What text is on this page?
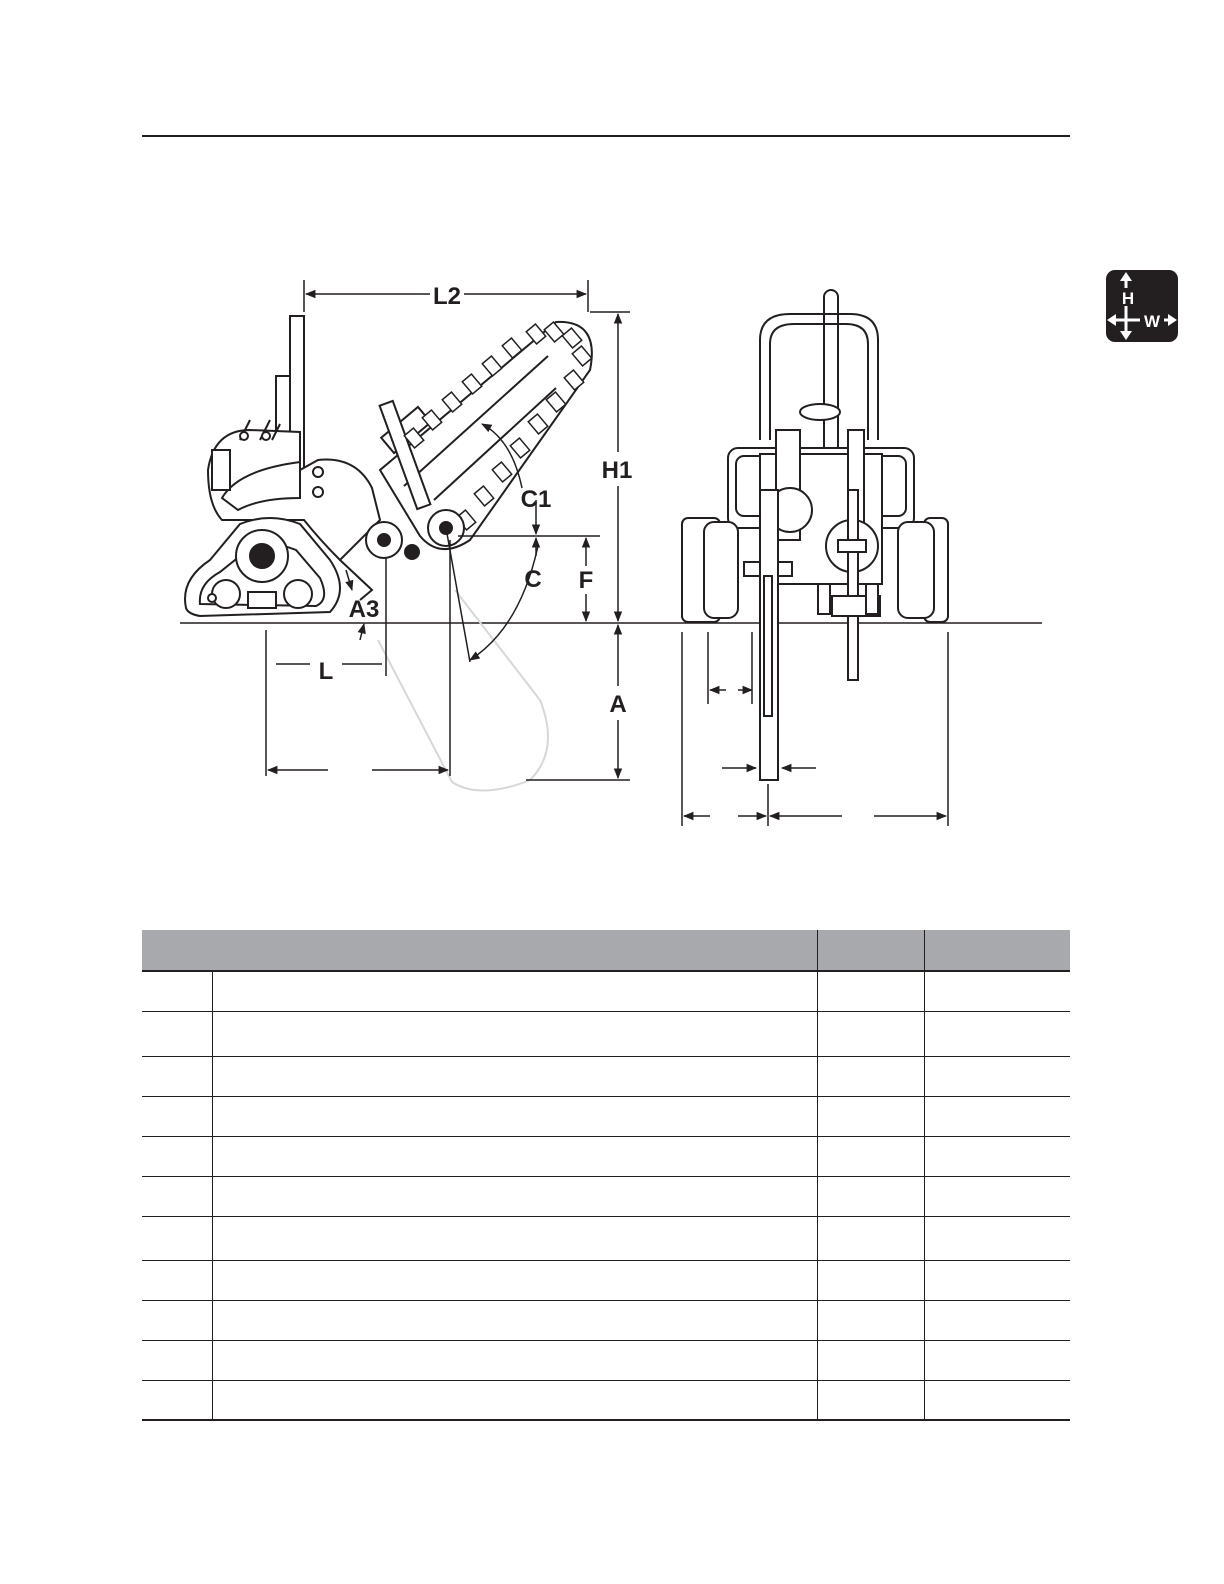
H
W
L2
H1
C1
C F
A3
L
A
